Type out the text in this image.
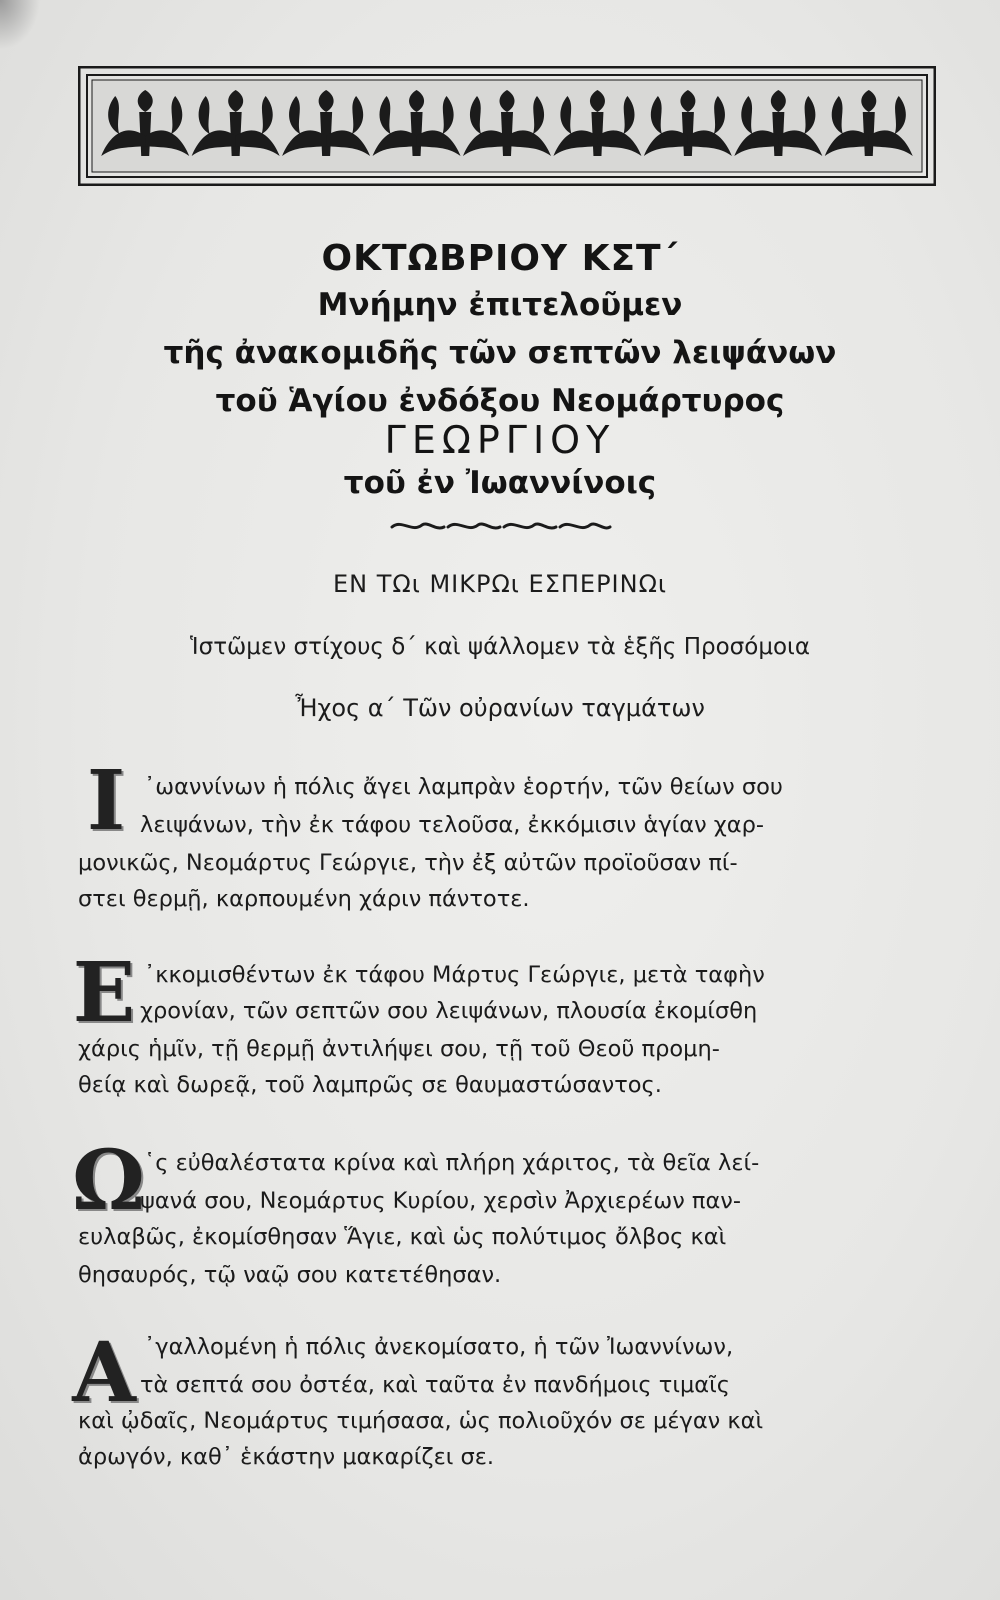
ΟΚΤΩΒΡΙΟΥ ΚΣΤ΄
Μνήμην ἐπιτελοῦμεν
τῆς ἀνακομιδῆς τῶν σεπτῶν λειψάνων
τοῦ Ἁγίου ἐνδόξου Νεομάρτυρος
ΓΕΩΡΓΙΟΥ
τοῦ ἐν Ἰωαννίνοις
ΕΝ ΤΩι ΜΙΚΡΩι ΕΣΠΕΡΙΝΩι
Ἱστῶμεν στίχους δ΄ καὶ ψάλλομεν τὰ ἑξῆς Προσόμοια
Ἦχος α΄ Τῶν οὐρανίων ταγμάτων
Ι ᾿ωαννίνων ἡ πόλις ἄγει λαμπρὰν ἑορτήν, τῶν θείων σου
λειψάνων, τὴν ἐκ τάφου τελοῦσα, ἐκκόμισιν ἁγίαν χαρ-
μονικῶς, Νεομάρτυς Γεώργιε, τὴν ἐξ αὐτῶν προϊοῦσαν πί-
στει θερμῇ, καρπουμένη χάριν πάντοτε.
Ε ᾿κκομισθέντων ἐκ τάφου Μάρτυς Γεώργιε, μετὰ ταφὴν
χρονίαν, τῶν σεπτῶν σου λειψάνων, πλουσία ἐκομίσθη
χάρις ἡμῖν, τῇ θερμῇ ἀντιλήψει σου, τῇ τοῦ Θεοῦ προμη-
θείᾳ καὶ δωρεᾷ, τοῦ λαμπρῶς σε θαυμαστώσαντος.
Ω ῾ς εὐθαλέστατα κρίνα καὶ πλήρη χάριτος, τὰ θεῖα λεί-
ψανά σου, Νεομάρτυς Κυρίου, χερσὶν Ἀρχιερέων παν-
ευλαβῶς, ἐκομίσθησαν Ἅγιε, καὶ ὡς πολύτιμος ὄλβος καὶ
θησαυρός, τῷ ναῷ σου κατετέθησαν.
Α ᾿γαλλομένη ἡ πόλις ἀνεκομίσατο, ἡ τῶν Ἰωαννίνων,
τὰ σεπτά σου ὀστέα, καὶ ταῦτα ἐν πανδήμοις τιμαῖς
καὶ ᾠδαῖς, Νεομάρτυς τιμήσασα, ὡς πολιοῦχόν σε μέγαν καὶ
ἀρωγόν, καθ᾿ ἑκάστην μακαρίζει σε.
